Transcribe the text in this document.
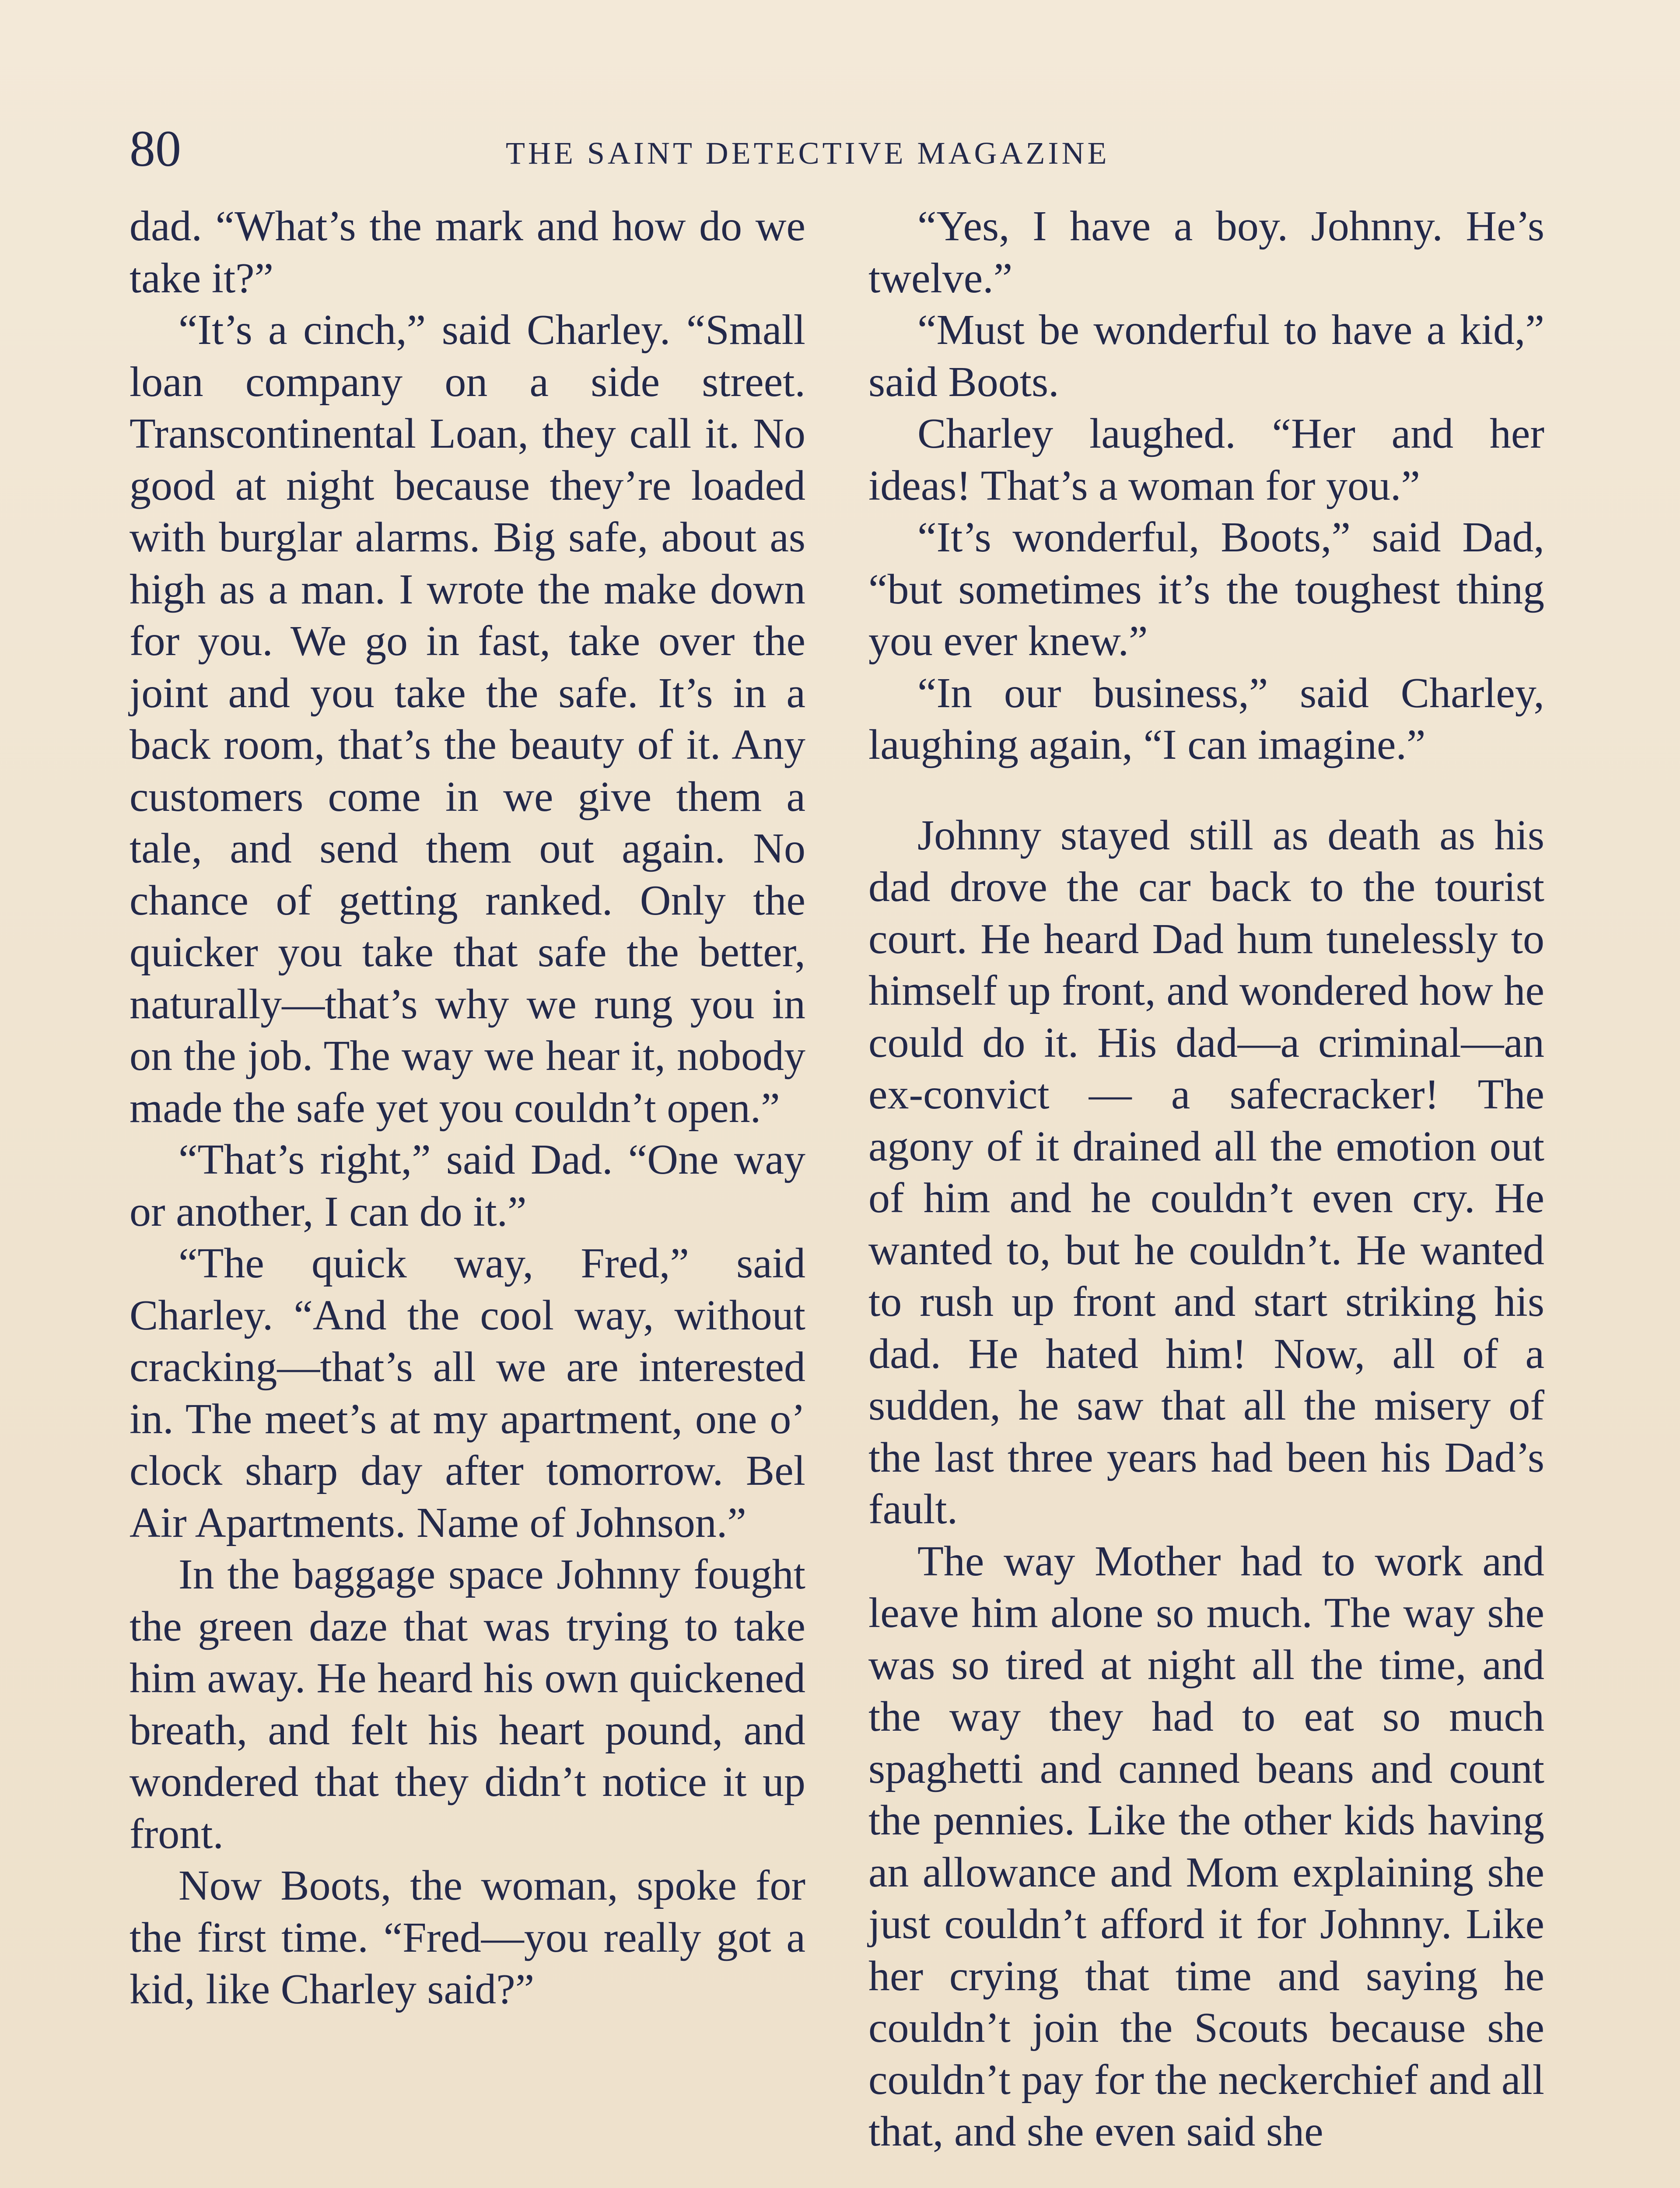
80	THE SAINT DETECTIVE MAGAZINE

dad. “What’s the mark and how do we take it?”

“It’s a cinch,” said Charley. “Small loan company on a side street. Transcontinental Loan, they call it. No good at night because they’re loaded with burglar alarms. Big safe, about as high as a man. I wrote the make down for you. We go in fast, take over the joint and you take the safe. It’s in a back room, that’s the beauty of it. Any customers come in we give them a tale, and send them out again. No chance of getting ranked. Only the quicker you take that safe the better, naturally—that’s why we rung you in on the job. The way we hear it, nobody made the safe yet you couldn’t open.”

“That’s right,” said Dad. “One way or another, I can do it.”

“The quick way, Fred,” said Charley. “And the cool way, without cracking—that’s all we are interested in. The meet’s at my apartment, one o’ clock sharp day after tomorrow. Bel Air Apartments. Name of Johnson.”

In the baggage space Johnny fought the green daze that was trying to take him away. He heard his own quickened breath, and felt his heart pound, and wondered that they didn’t notice it up front.

Now Boots, the woman, spoke for the first time. “Fred—you really got a kid, like Charley said?”

“Yes, I have a boy. Johnny. He’s twelve.”

“Must be wonderful to have a kid,” said Boots.

Charley laughed. “Her and her ideas! That’s a woman for you.”

“It’s wonderful, Boots,” said Dad, “but sometimes it’s the toughest thing you ever knew.”

“In our business,” said Charley, laughing again, “I can imagine.”

Johnny stayed still as death as his dad drove the car back to the tourist court. He heard Dad hum tunelessly to himself up front, and wondered how he could do it. His dad—a criminal—an ex-convict — a safecracker! The agony of it drained all the emotion out of him and he couldn’t even cry. He wanted to, but he couldn’t. He wanted to rush up front and start striking his dad. He hated him! Now, all of a sudden, he saw that all the misery of the last three years had been his Dad’s fault.

The way Mother had to work and leave him alone so much. The way she was so tired at night all the time, and the way they had to eat so much spaghetti and canned beans and count the pennies. Like the other kids having an allowance and Mom explaining she just couldn’t afford it for Johnny. Like her crying that time and saying he couldn’t join the Scouts because she couldn’t pay for the neckerchief and all that, and she even said she
